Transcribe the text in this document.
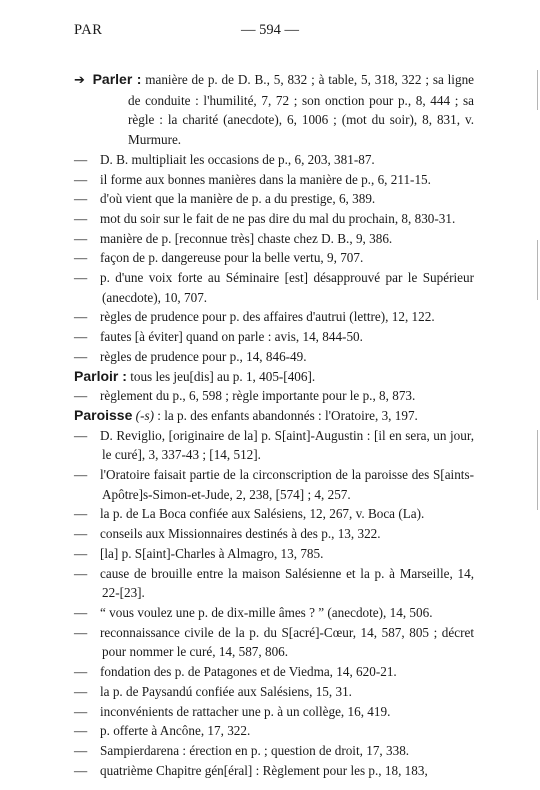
PAR	— 594 —
➔ Parler : manière de p. de D. B., 5, 832 ; à table, 5, 318, 322 ; sa ligne de conduite : l'humilité, 7, 72 ; son onction pour p., 8, 444 ; sa règle : la charité (anecdote), 6, 1006 ; (mot du soir), 8, 831, v. Murmure.
— D. B. multipliait les occasions de p., 6, 203, 381-87.
— il forme aux bonnes manières dans la manière de p., 6, 211-15.
— d'où vient que la manière de p. a du prestige, 6, 389.
— mot du soir sur le fait de ne pas dire du mal du prochain, 8, 830-31.
— manière de p. [reconnue très] chaste chez D. B., 9, 386.
— façon de p. dangereuse pour la belle vertu, 9, 707.
— p. d'une voix forte au Séminaire [est] désapprouvé par le Supérieur (anecdote), 10, 707.
— règles de prudence pour p. des affaires d'autrui (lettre), 12, 122.
— fautes [à éviter] quand on parle : avis, 14, 844-50.
— règles de prudence pour p., 14, 846-49.
Parloir : tous les jeu[dis] au p. 1, 405-[406].
— règlement du p., 6, 598 ; règle importante pour le p., 8, 873.
Paroisse (-s) : la p. des enfants abandonnés : l'Oratoire, 3, 197.
— D. Reviglio, [originaire de la] p. S[aint]-Augustin : [il en sera, un jour, le curé], 3, 337-43 ; [14, 512].
— l'Oratoire faisait partie de la circonscription de la paroisse des S[aints-Apôtre]s-Simon-et-Jude, 2, 238, [574] ; 4, 257.
— la p. de La Boca confiée aux Salésiens, 12, 267, v. Boca (La).
— conseils aux Missionnaires destinés à des p., 13, 322.
— [la] p. S[aint]-Charles à Almagro, 13, 785.
— cause de brouille entre la maison Salésienne et la p. à Marseille, 14, 22-[23].
— “ vous voulez une p. de dix-mille âmes ? ” (anecdote), 14, 506.
— reconnaissance civile de la p. du S[acré]-Cœur, 14, 587, 805 ; décret pour nommer le curé, 14, 587, 806.
— fondation des p. de Patagones et de Viedma, 14, 620-21.
— la p. de Paysandú confiée aux Salésiens, 15, 31.
— inconvénients de rattacher une p. à un collège, 16, 419.
— p. offerte à Ancône, 17, 322.
— Sampierdarena : érection en p. ; question de droit, 17, 338.
— quatrième Chapitre gén[éral] : Règlement pour les p., 18, 183,
